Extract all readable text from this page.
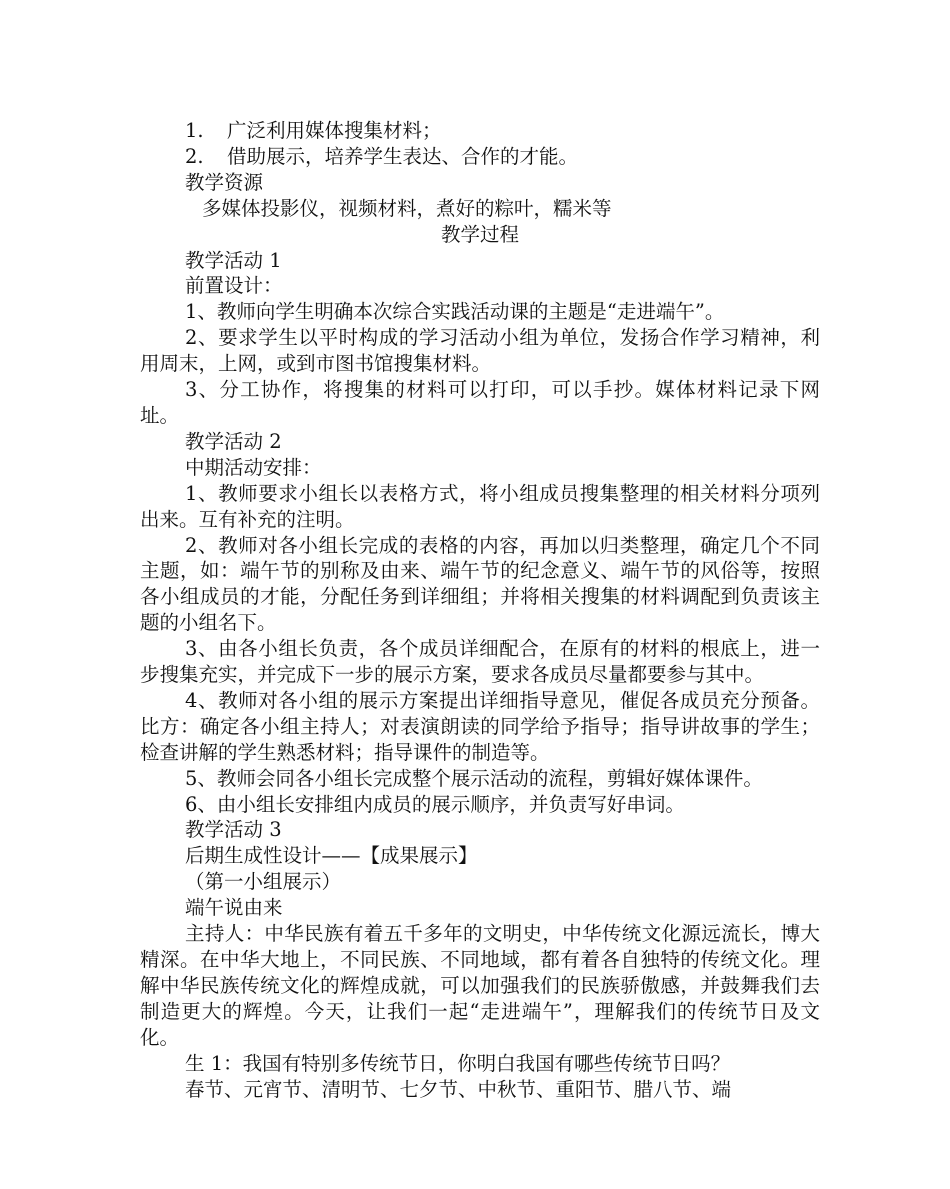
1. 广泛利用媒体搜集材料；

2. 借助展示，培养学生表达、合作的才能。

教学资源

多媒体投影仪，视频材料，煮好的粽叶，糯米等

教学过程

教学活动 1

前置设计：

1、教师向学生明确本次综合实践活动课的主题是“走进端午”。

2、要求学生以平时构成的学习活动小组为单位，发扬合作学习精神，利用周末，上网，或到市图书馆搜集材料。

3、分工协作，将搜集的材料可以打印，可以手抄。媒体材料记录下网址。

教学活动 2

中期活动安排：

1、教师要求小组长以表格方式，将小组成员搜集整理的相关材料分项列出来。互有补充的注明。

2、教师对各小组长完成的表格的内容，再加以归类整理，确定几个不同主题，如：端午节的别称及由来、端午节的纪念意义、端午节的风俗等，按照各小组成员的才能，分配任务到详细组；并将相关搜集的材料调配到负责该主题的小组名下。

3、由各小组长负责，各个成员详细配合，在原有的材料的根底上，进一步搜集充实，并完成下一步的展示方案，要求各成员尽量都要参与其中。

4、教师对各小组的展示方案提出详细指导意见，催促各成员充分预备。比方：确定各小组主持人；对表演朗读的同学给予指导；指导讲故事的学生；检查讲解的学生熟悉材料；指导课件的制造等。

5、教师会同各小组长完成整个展示活动的流程，剪辑好媒体课件。

6、由小组长安排组内成员的展示顺序，并负责写好串词。

教学活动 3

后期生成性设计——【成果展示】

（第一小组展示）

端午说由来

主持人：中华民族有着五千多年的文明史，中华传统文化源远流长，博大精深。在中华大地上，不同民族、不同地域，都有着各自独特的传统文化。理解中华民族传统文化的辉煌成就，可以加强我们的民族骄傲感，并鼓舞我们去制造更大的辉煌。今天，让我们一起“走进端午”，理解我们的传统节日及文化。

生 1：我国有特别多传统节日，你明白我国有哪些传统节日吗？

春节、元宵节、清明节、七夕节、中秋节、重阳节、腊八节、端
